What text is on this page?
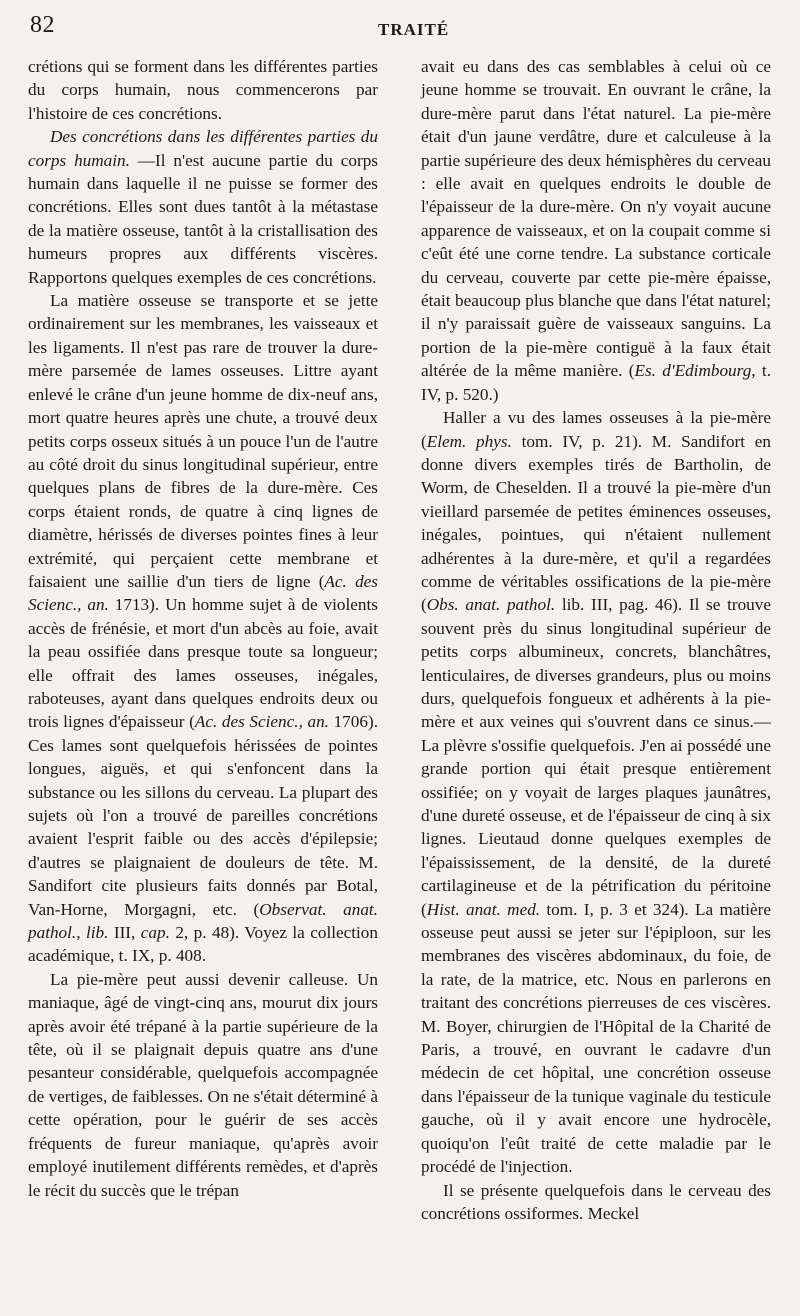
82	TRAITÉ

crétions qui se forment dans les différentes parties du corps humain, nous commencerons par l'histoire de ces concrétions.

Des concrétions dans les différentes parties du corps humain. —Il n'est aucune partie du corps humain dans laquelle il ne puisse se former des concrétions. Elles sont dues tantôt à la métastase de la matière osseuse, tantôt à la cristallisation des humeurs propres aux différents viscères. Rapportons quelques exemples de ces concrétions.

La matière osseuse se transporte et se jette ordinairement sur les membranes, les vaisseaux et les ligaments. Il n'est pas rare de trouver la dure-mère parsemée de lames osseuses. Littre ayant enlevé le crâne d'un jeune homme de dix-neuf ans, mort quatre heures après une chute, a trouvé deux petits corps osseux situés à un pouce l'un de l'autre au côté droit du sinus longitudinal supérieur, entre quelques plans de fibres de la dure-mère. Ces corps étaient ronds, de quatre à cinq lignes de diamètre, hérissés de diverses pointes fines à leur extrémité, qui perçaient cette membrane et faisaient une saillie d'un tiers de ligne (Ac. des Scienc., an. 1713). Un homme sujet à de violents accès de frénésie, et mort d'un abcès au foie, avait la peau ossifiée dans presque toute sa longueur; elle offrait des lames osseuses, inégales, raboteuses, ayant dans quelques endroits deux ou trois lignes d'épaisseur (Ac. des Scienc., an. 1706). Ces lames sont quelquefois hérissées de pointes longues, aiguës, et qui s'enfoncent dans la substance ou les sillons du cerveau. La plupart des sujets où l'on a trouvé de pareilles concrétions avaient l'esprit faible ou des accès d'épilepsie; d'autres se plaignaient de douleurs de tête. M. Sandifort cite plusieurs faits donnés par Botal, Van-Horne, Morgagni, etc. (Observat. anat. pathol., lib. III, cap. 2, p. 48). Voyez la collection académique, t. IX, p. 408.

La pie-mère peut aussi devenir calleuse. Un maniaque, âgé de vingt-cinq ans, mourut dix jours après avoir été trépané à la partie supérieure de la tête, où il se plaignait depuis quatre ans d'une pesanteur considérable, quelquefois accompagnée de vertiges, de faiblesses. On ne s'était déterminé à cette opération, pour le guérir de ses accès fréquents de fureur maniaque, qu'après avoir employé inutilement différents remèdes, et d'après le récit du succès que le trépan

avait eu dans des cas semblables à celui où ce jeune homme se trouvait. En ouvrant le crâne, la dure-mère parut dans l'état naturel. La pie-mère était d'un jaune verdâtre, dure et calculeuse à la partie supérieure des deux hémisphères du cerveau : elle avait en quelques endroits le double de l'épaisseur de la dure-mère. On n'y voyait aucune apparence de vaisseaux, et on la coupait comme si c'eût été une corne tendre. La substance corticale du cerveau, couverte par cette pie-mère épaisse, était beaucoup plus blanche que dans l'état naturel; il n'y paraissait guère de vaisseaux sanguins. La portion de la pie-mère contiguë à la faux était altérée de la même manière. (Es. d'Edimbourg, t. IV, p. 520.)

Haller a vu des lames osseuses à la pie-mère (Elem. phys. tom. IV, p. 21). M. Sandifort en donne divers exemples tirés de Bartholin, de Worm, de Cheselden. Il a trouvé la pie-mère d'un vieillard parsemée de petites éminences osseuses, inégales, pointues, qui n'étaient nullement adhérentes à la dure-mère, et qu'il a regardées comme de véritables ossifications de la pie-mère (Obs. anat. pathol. lib. III, pag. 46). Il se trouve souvent près du sinus longitudinal supérieur de petits corps albumineux, concrets, blanchâtres, lenticulaires, de diverses grandeurs, plus ou moins durs, quelquefois fongueux et adhérents à la pie-mère et aux veines qui s'ouvrent dans ce sinus.—La plèvre s'ossifie quelquefois. J'en ai possédé une grande portion qui était presque entièrement ossifiée; on y voyait de larges plaques jaunâtres, d'une dureté osseuse, et de l'épaisseur de cinq à six lignes. Lieutaud donne quelques exemples de l'épaississement, de la densité, de la dureté cartilagineuse et de la pétrification du péritoine (Hist. anat. med. tom. I, p. 3 et 324). La matière osseuse peut aussi se jeter sur l'épiploon, sur les membranes des viscères abdominaux, du foie, de la rate, de la matrice, etc. Nous en parlerons en traitant des concrétions pierreuses de ces viscères. M. Boyer, chirurgien de l'Hôpital de la Charité de Paris, a trouvé, en ouvrant le cadavre d'un médecin de cet hôpital, une concrétion osseuse dans l'épaisseur de la tunique vaginale du testicule gauche, où il y avait encore une hydrocèle, quoiqu'on l'eût traité de cette maladie par le procédé de l'injection.

Il se présente quelquefois dans le cerveau des concrétions ossiformes. Meckel
